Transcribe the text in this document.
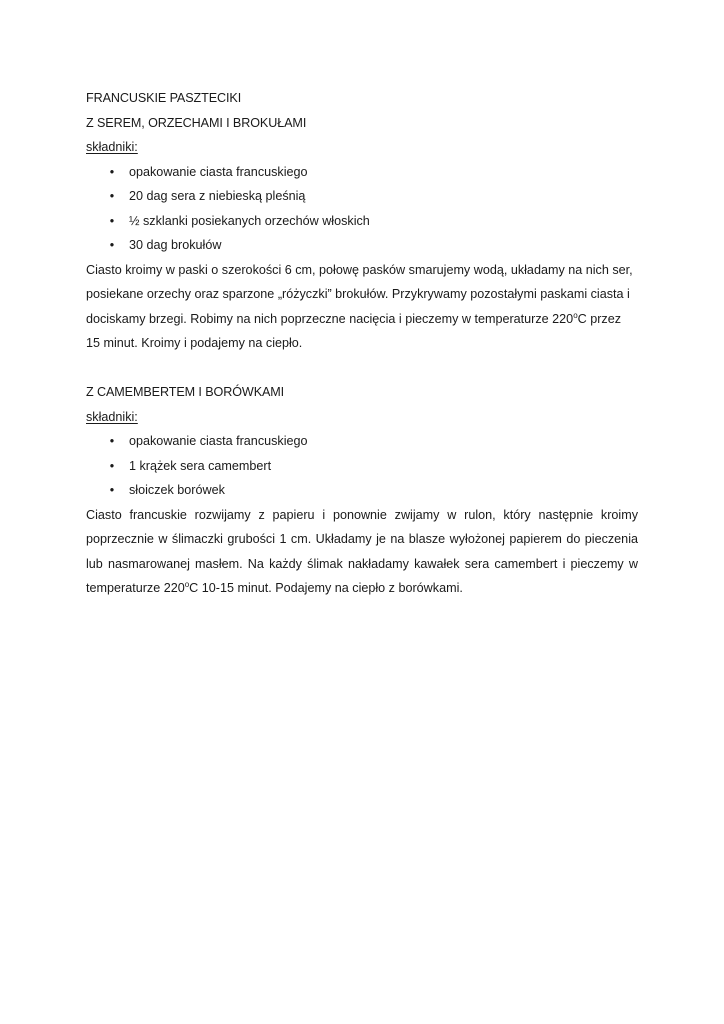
FRANCUSKIE PASZTECIKI
Z SEREM, ORZECHAMI I BROKUŁAMI
składniki:
• opakowanie ciasta francuskiego
• 20 dag sera z niebieską pleśnią
• ½ szklanki posiekanych orzechów włoskich
• 30 dag brokułów

Ciasto kroimy w paski o szerokości 6 cm, połowę pasków smarujemy wodą, układamy na nich ser, posiekane orzechy oraz sparzone „różyczki” brokułów. Przykrywamy pozostałymi paskami ciasta i dociskamy brzegi. Robimy na nich poprzeczne nacięcia i pieczemy w temperaturze 220$^o$C przez 15 minut. Kroimy i podajemy na ciepło.

Z CAMEMBERTEM I BORÓWKAMI
składniki:
• opakowanie ciasta francuskiego
• 1 krążek sera camembert
• słoiczek borówek

Ciasto francuskie rozwijamy z papieru i ponownie zwijamy w rulon, który następnie kroimy poprzecznie w ślimaczki grubości 1 cm. Układamy je na blasze wyłożonej papierem do pieczenia lub nasmarowanej masłem. Na każdy ślimak nakładamy kawałek sera camembert i pieczemy w temperaturze 220$^o$C 10-15 minut. Podajemy na ciepło z borówkami.
